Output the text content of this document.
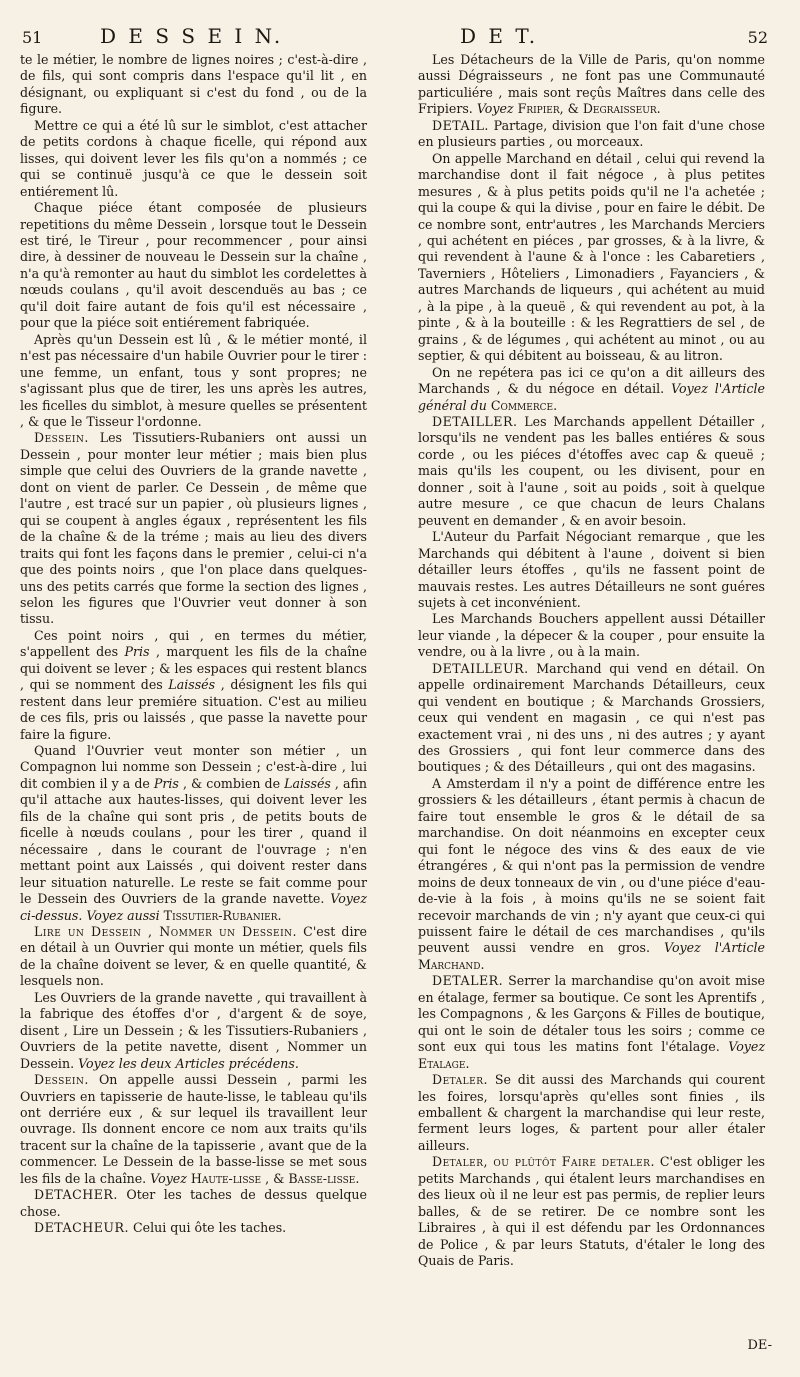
51	D E S S E I N.	D E T.	52

te le métier, le nombre de lignes noires ; c'est-à-dire , de fils, qui sont compris dans l'espace qu'il lit , en désignant, ou expliquant si c'est du fond , ou de la figure.

Mettre ce qui a été lû sur le simblot, c'est attacher de petits cordons à chaque ficelle, qui répond aux lisses, qui doivent lever les fils qu'on a nommés ; ce qui se continuë jusqu'à ce que le dessein soit entiérement lû.

Chaque piéce étant composée de plusieurs repetitions du même Dessein , lorsque tout le Dessein est tiré, le Tireur , pour recommencer , pour ainsi dire, à dessiner de nouveau le Dessein sur la chaîne , n'a qu'à remonter au haut du simblot les cordelettes à nœuds coulans , qu'il avoit descenduës au bas ; ce qu'il doit faire autant de fois qu'il est nécessaire , pour que la piéce soit entiérement fabriquée.

Après qu'un Dessein est lû , & le métier monté, il n'est pas nécessaire d'un habile Ouvrier pour le tirer : une femme, un enfant, tous y sont propres; ne s'agissant plus que de tirer, les uns après les autres, les ficelles du simblot, à mesure quelles se présentent , & que le Tisseur l'ordonne.

Dessein. Les Tissutiers-Rubaniers ont aussi un Dessein , pour monter leur métier ; mais bien plus simple que celui des Ouvriers de la grande navette , dont on vient de parler. Ce Dessein , de même que l'autre , est tracé sur un papier , où plusieurs lignes , qui se coupent à angles égaux , représentent les fils de la chaîne & de la tréme ; mais au lieu des divers traits qui font les façons dans le premier , celui-ci n'a que des points noirs , que l'on place dans quelques-uns des petits carrés que forme la section des lignes , selon les figures que l'Ouvrier veut donner à son tissu.

Ces point noirs , qui , en termes du métier, s'appellent des Pris , marquent les fils de la chaîne qui doivent se lever ; & les espaces qui restent blancs , qui se nomment des Laissés , désignent les fils qui restent dans leur premiére situation. C'est au milieu de ces fils, pris ou laissés , que passe la navette pour faire la figure.

Quand l'Ouvrier veut monter son métier , un Compagnon lui nomme son Dessein ; c'est-à-dire , lui dit combien il y a de Pris , & combien de Laissés , afin qu'il attache aux hautes-lisses, qui doivent lever les fils de la chaîne qui sont pris , de petits bouts de ficelle à nœuds coulans , pour les tirer , quand il nécessaire , dans le courant de l'ouvrage ; n'en mettant point aux Laissés , qui doivent rester dans leur situation naturelle. Le reste se fait comme pour le Dessein des Ouvriers de la grande navette. Voyez ci-dessus. Voyez aussi Tissutier-Rubanier.

Lire un Dessein , Nommer un Dessein. C'est dire en détail à un Ouvrier qui monte un métier, quels fils de la chaîne doivent se lever, & en quelle quantité, & lesquels non.

Les Ouvriers de la grande navette , qui travaillent à la fabrique des étoffes d'or , d'argent & de soye, disent , Lire un Dessein ; & les Tissutiers-Rubaniers , Ouvriers de la petite navette, disent , Nommer un Dessein. Voyez les deux Articles précédens.

Dessein. On appelle aussi Dessein , parmi les Ouvriers en tapisserie de haute-lisse, le tableau qu'ils ont derriére eux , & sur lequel ils travaillent leur ouvrage. Ils donnent encore ce nom aux traits qu'ils tracent sur la chaîne de la tapisserie , avant que de la commencer. Le Dessein de la basse-lisse se met sous les fils de la chaîne. Voyez Haute-lisse , & Basse-lisse.

DETACHER. Oter les taches de dessus quelque chose.

DETACHEUR. Celui qui ôte les taches.

Les Détacheurs de la Ville de Paris, qu'on nomme aussi Dégraisseurs , ne font pas une Communauté particuliére , mais sont reçûs Maîtres dans celle des Fripiers. Voyez Fripier, & Degraisseur.

DETAIL. Partage, division que l'on fait d'une chose en plusieurs parties , ou morceaux.

On appelle Marchand en détail , celui qui revend la marchandise dont il fait négoce , à plus petites mesures , & à plus petits poids qu'il ne l'a achetée ; qui la coupe & qui la divise , pour en faire le débit. De ce nombre sont, entr'autres , les Marchands Merciers , qui achétent en piéces , par grosses, & à la livre, & qui revendent à l'aune & à l'once : les Cabaretiers , Taverniers , Hôteliers , Limonadiers , Fayanciers , & autres Marchands de liqueurs , qui achétent au muid , à la pipe , à la queuë , & qui revendent au pot, à la pinte , & à la bouteille : & les Regrattiers de sel , de grains , & de légumes , qui achétent au minot , ou au septier, & qui débitent au boisseau, & au litron.

On ne repétera pas ici ce qu'on a dit ailleurs des Marchands , & du négoce en détail. Voyez l'Article général du Commerce.

DETAILLER. Les Marchands appellent Détailler , lorsqu'ils ne vendent pas les balles entiéres & sous corde , ou les piéces d'étoffes avec cap & queuë ; mais qu'ils les coupent, ou les divisent, pour en donner , soit à l'aune , soit au poids , soit à quelque autre mesure , ce que chacun de leurs Chalans peuvent en demander , & en avoir besoin.

L'Auteur du Parfait Négociant remarque , que les Marchands qui débitent à l'aune , doivent si bien détailler leurs étoffes , qu'ils ne fassent point de mauvais restes. Les autres Détailleurs ne sont guéres sujets à cet inconvénient.

Les Marchands Bouchers appellent aussi Détailler leur viande , la dépecer & la couper , pour ensuite la vendre, ou à la livre , ou à la main.

DETAILLEUR. Marchand qui vend en détail. On appelle ordinairement Marchands Détailleurs, ceux qui vendent en boutique ; & Marchands Grossiers, ceux qui vendent en magasin , ce qui n'est pas exactement vrai , ni des uns , ni des autres ; y ayant des Grossiers , qui font leur commerce dans des boutiques ; & des Détailleurs , qui ont des magasins.

A Amsterdam il n'y a point de différence entre les grossiers & les détailleurs , étant permis à chacun de faire tout ensemble le gros & le détail de sa marchandise. On doit néanmoins en excepter ceux qui font le négoce des vins & des eaux de vie étrangéres , & qui n'ont pas la permission de vendre moins de deux tonneaux de vin , ou d'une piéce d'eau-de-vie à la fois , à moins qu'ils ne se soient fait recevoir marchands de vin ; n'y ayant que ceux-ci qui puissent faire le détail de ces marchandises , qu'ils peuvent aussi vendre en gros. Voyez l'Article Marchand.

DETALER. Serrer la marchandise qu'on avoit mise en étalage, fermer sa boutique. Ce sont les Aprentifs , les Compagnons , & les Garçons & Filles de boutique, qui ont le soin de détaler tous les soirs ; comme ce sont eux qui tous les matins font l'étalage. Voyez Etalage.

Detaler. Se dit aussi des Marchands qui courent les foires, lorsqu'après qu'elles sont finies , ils emballent & chargent la marchandise qui leur reste, ferment leurs loges, & partent pour aller étaler ailleurs.

Detaler, ou plûtôt Faire detaler. C'est obliger les petits Marchands , qui étalent leurs marchandises en des lieux où il ne leur est pas permis, de replier leurs balles, & de se retirer. De ce nombre sont les Libraires , à qui il est défendu par les Ordonnances de Police , & par leurs Statuts, d'étaler le long des Quais de Paris.

DE-
